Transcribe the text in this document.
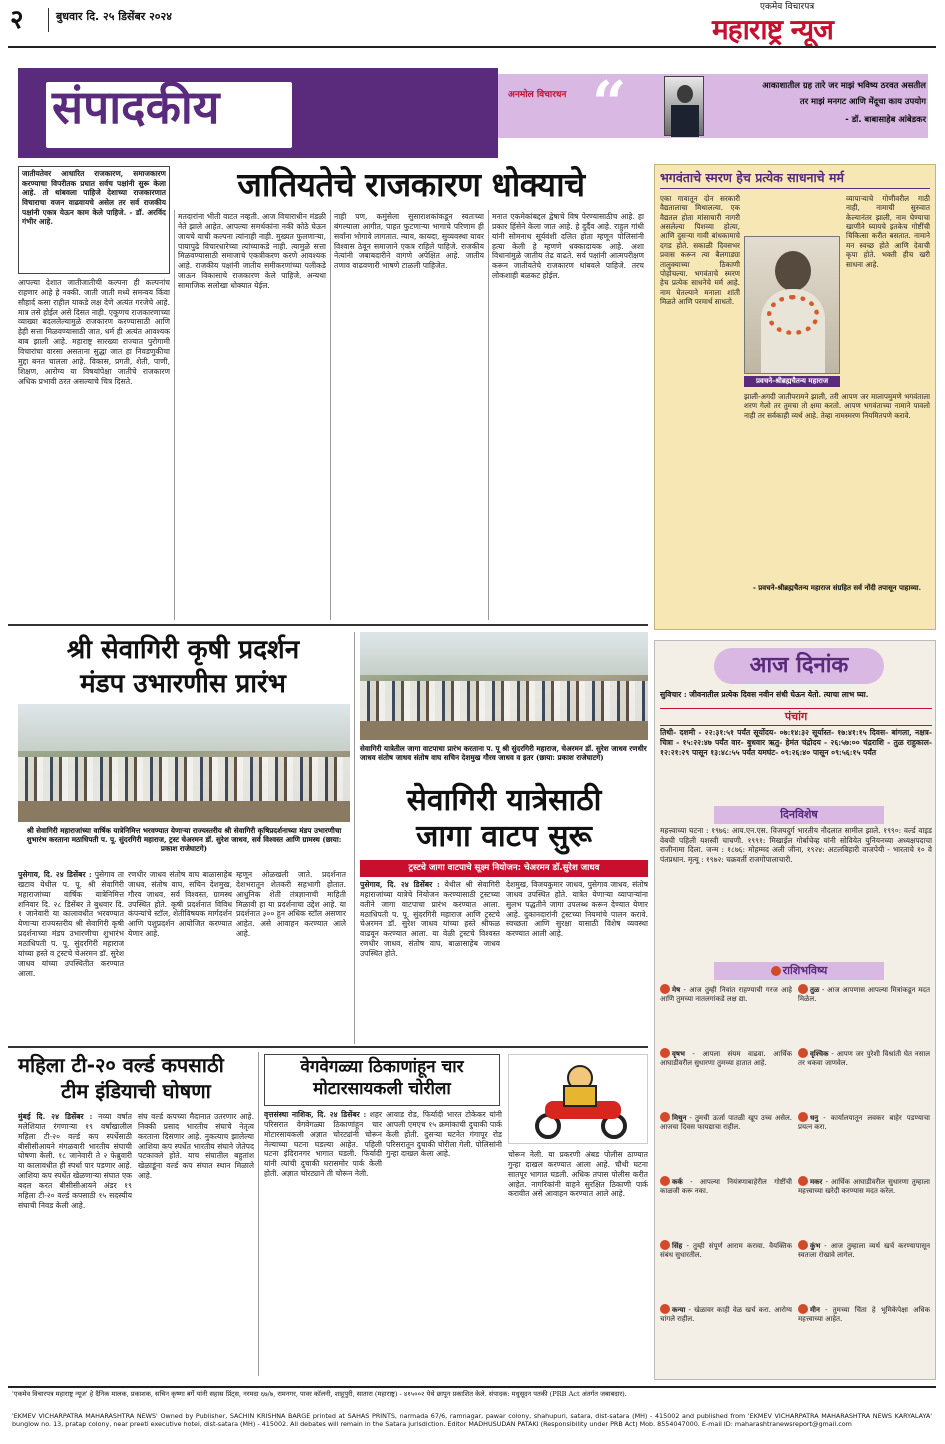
२	बुधवार दि. २५ डिसेंबर २०२४
एकमेव विचारपत्र
महाराष्ट्र न्यूज
संपादकीय	अनमोल विचारधन “	आकाशातील ग्रह तारे जर माझं भविष्य ठरवत असतील
तर माझं मनगट आणि मेंदूचा काय उपयोग
- डॉ. बाबासाहेब आंबेडकर
जातियतेचे राजकारण धोक्याचे
जातीयतेवर आधारित राजकारण, समाजकारण करण्याचा विपरीतक प्रघात सर्वच पक्षांनी सुरू केला आहे. तो थांबवला पाहिजे देशाच्या राजकारणात विचाराचा वजन वाढवायचे असेल तर सर्व राजकीय पक्षांनी एकत्र येऊन काम केले पाहिजे. - डॉ. अरविंद गंभीर आहे.
आपल्या देशात जातीजातीची कल्पना ही कल्पनांच राहणार आहे हे नक्की. जाती जाती मध्ये समन्वय किंवा सौहार्द कसा राहील याकडे लक्ष देणे अत्यंत गरजेचे आहे. मात्र तसे होईल असे दिसत नाही. एकूणच राजकारणाच्या व्याख्या बदललेल्यामुळे राजकारण करण्यासाठी आणि हेही सत्ता मिळवण्यासाठी जात, धर्म ही अत्यंत आवश्यक बाब झाली आहे. महाराष्ट्र सारख्या राज्यात पुरोगामी विचारांचा वारसा असताना सुद्धा जात हा निवडणुकीचा मुद्दा बनत चालला आहे. विकास, प्रगती, शेती, पाणी, शिक्षण, आरोग्य या विषयांपेक्षा जातीचे राजकारण अधिक प्रभावी ठरत असल्याचे चित्र दिसते.
मतदारांना भीती वाटत नव्हती. आज विचाराधीन मंडळी नेते झाले आहेत. आपल्या समर्थकांना नकी कोठे घेऊन जायचे याची कल्पना त्यांनाही नाही. मुख्यत फुलणाऱ्या, पायापुढे विचारधारेच्या त्यांच्याकडे नाही. त्यामुळे सत्ता मिळवण्यासाठी समाजाचे एकत्रीकरण करणे आवश्यक आहे. राजकीय पक्षांनी जातीय समीकरणांच्या पलीकडे जाऊन विकासाचे राजकारण केले पाहिजे. अन्यथा सामाजिक सलोखा धोक्यात येईल.
नाही पण, कमुंसेला सुसाराशकांकडून स्वतःच्या बंगल्याला आगीत, पाहत फुटणाऱ्या भागाचे परिणाम ही सर्वांना भोगावे लागतात. न्याय, कायदा, सुव्यवस्था यावर विश्वास ठेवून समाजाने एकत्र राहिले पाहिजे. राजकीय नेत्यांनी जबाबदारीने वागणे अपेक्षित आहे. जातीय तणाव वाढवणारी भाषणे टाळली पाहिजेत.
मनात एकमेकांबद्दल द्वेषाचे विष पेरण्यासाठीच आहे. हा प्रकार हिंसेने केला जात आहे. हे दुर्दैव आहे. राहुल गांधी यांनी सोमनाथ सूर्यवंशी दलित होता म्हणून पोलिसांनी हत्या केली हे म्हणणे धक्कादायक आहे. अशा विधानांमुळे जातीय तेढ वाढते. सर्व पक्षांनी आत्मपरीक्षण करून जातीयतेचे राजकारण थांबवले पाहिजे. तरच लोकशाही बळकट होईल.
भगवंताचे स्मरण हेच प्रत्येक साधनाचे मर्म
एका गावातून दोन सरकारी वैद्यतालाचा मिथालत्या. एक वैद्यतल होता मांसाचारी नागरी असलेल्या पिशव्या होत्या, आणि दुसऱ्या गावी बांधकामाचे दगड होते. सकाळी दिवसभर प्रवास करून त्या बैलगाड्या तालुक्याच्या ठिकाणी पोहोचल्या. भगवंताचे स्मरण हेच प्रत्येक साधनेचे मर्म आहे. नाम घेतल्याने मनाला शांती मिळते आणि परमार्थ साधतो.
प्रवचने-श्रीब्रह्मचैतन्य महाराज
व्यापाऱ्याचे गोणीवरील गाठी नाही, नामाची सुरुवात केल्यानंतर झाली, नाम घेण्याचा खाणीने घ्यायचे इतकेच गोष्टींची चिकित्सा करीत बसतात. नामाने मन स्वच्छ होते आणि देवाची कृपा होते. भक्ती हीच खरी साधना आहे.
झाली-अगदी जातीपरामने झाली, तरी आपण जर मालापमुमणे भगवंताला शरण गेलो तर तुमचा तो क्षमा करतो. आपण भगवंताच्या नामाने पावलो नाही तर सर्वकाही व्यर्थ आहे. तेव्हा नामस्मरण नियमितपणे करावे.
- प्रवचने-श्रीब्रह्मचैतन्य महाराज संग्रहित सर्व नोंदी तपासून पाहाव्या.
श्री सेवागिरी कृषी प्रदर्शन
मंडप उभारणीस प्रारंभ
श्री सेवागिरी महाराजांच्या वार्षिक यात्रेनिमित्त भरवण्यात येणाऱ्या राज्यस्तरीय श्री सेवागिरी कृषिप्रदर्शनाच्या मंडप उभारणीचा शुभारंभ करताना मठाधिपती प. पू. सुंदरगिरी महाराज, ट्रस्ट चेअरमन डॉ. सुरेश जाधव, सर्व विश्वस्त आणि ग्रामस्थ (छाया: प्रकाश राजेघाटगे)
पुसेगाव, दि. २४ डिसेंबर : पुसेगाव ता खटाव येथील प. पू. श्री सेवागिरी महाराजांच्या वार्षिक यात्रेनिमित्त शनिवार दि. २८ डिसेंबर ते बुधवार दि. १ जानेवारी या कालावधीत भरवण्यात येणाऱ्या राज्यस्तरीय श्री सेवागिरी कृषी प्रदर्शनाच्या मंडप उभारणीचा शुभारंभ मठाधिपती प. पू. सुंदरगिरी महाराज यांच्या हस्ते व ट्रस्टचे चेअरमन डॉ. सुरेश जाधव यांच्या उपस्थितीत करण्यात आला.
रणधीर जाधव संतोष वाघ बाळासाहेब जाधव, संतोष वाघ, सचिन देशमुख, गौरव जाधव, सर्व विश्वस्त, ग्रामस्थ उपस्थित होते. कृषी प्रदर्शनात विविध कंपन्यांचे स्टॉल, शेतीविषयक मार्गदर्शन आणि पशुप्रदर्शन आयोजित करण्यात येणार आहे.
म्हणून ओळखली जाते. प्रदर्शनात देशभरातून शेतकरी सहभागी होतात. आधुनिक शेती तंत्रज्ञानाची माहिती मिळावी हा या प्रदर्शनाचा उद्देश आहे. या प्रदर्शनात ३०० हून अधिक स्टॉल असणार आहेत. असे आवाहन करण्यात आले आहे.
सेवागिरी यात्रेतील जागा वाटपाचा प्रारंभ करताना प. पू श्री सुंदरगिरी महाराज, चेअरमन डॉ. सुरेश जाधव रणधीर जाधव संतोष जाधव संतोष वाघ सचिन देशमुख गौरव जाधव व इतर (छाया: प्रकाश राजेघाटगे)
सेवागिरी यात्रेसाठी
जागा वाटप सुरू
ट्रस्टचे जागा वाटपाचे सूक्ष्म नियोजन: चेअरमन डॉ.सुरेश जाधव
पुसेगाव, दि. २४ डिसेंबर : येथील श्री सेवागिरी महाराजांच्या यात्रेचे नियोजन करण्यासाठी ट्रस्टच्या वतीने जागा वाटपाचा प्रारंभ करण्यात आला. मठाधिपती प. पू. सुंदरगिरी महाराज आणि ट्रस्टचे चेअरमन डॉ. सुरेश जाधव यांच्या हस्ते श्रीफळ वाढवून करण्यात आला. या वेळी ट्रस्टचे विश्वस्त रणधीर जाधव, संतोष वाघ, बाळासाहेब जाधव उपस्थित होते.
देशमुख, विजयकुमार जाधव, पुसेगाव जाधव, संतोष जाधव उपस्थित होते. यात्रेत येणाऱ्या व्यापाऱ्यांना सुलभ पद्धतीने जागा उपलब्ध करून देण्यात येणार आहे. दुकानदारांनी ट्रस्टच्या नियमांचे पालन करावे. स्वच्छता आणि सुरक्षा यासाठी विशेष व्यवस्था करण्यात आली आहे.
आज दिनांक
सुविचार : जीवनातील प्रत्येक दिवस नवीन संधी घेऊन येतो. त्याचा लाभ घ्या.
पंचांग
तिथी- दशमी - २२:३१:५१ पर्यंत सूर्योदय- ०७:१४:३२ सूर्यास्त- १७:४१:१५ दिवस- बांगला, नक्षत्र- चित्रा - १५:२२:४७ पर्यंत वार- बुधवार ऋतु- हेमंत चंद्रोदय - २६:५७:०० चंद्रराशि - तुळ राहुकाल- १२:२१:२९ पासून १३:४८:५५ पर्यंत यमघंट- ०९:२६:४० पासून ०९:५६:१५ पर्यंत
दिनविशेष
महत्त्वाच्या घटना : १९७६: आय.एन.एस. विजयदुर्ग भारतीय नौदलात सामील झाले. १९९०: वर्ल्ड वाइड वेबची पहिली यशस्वी चाचणी. १९९१: मिखाईल गोर्बाचेव्ह यांनी सोवियेत युनियनच्या अध्यक्षपदाचा राजीनामा दिला. जन्म : १८७६: मोहम्मद अली जीना, १९२४: अटलबिहारी वाजपेयी - भारताचे १० वे पंतप्रधान. मृत्यू : १९७२: चक्रवर्ती राजगोपालाचारी.
राशिभविष्य
मेष - आज तुम्ही निवांत राहण्याची गरज आहे आणि तुमच्या नातलगांकडे लक्ष द्या.
वृषभ - आपला संयम वाढवा. आर्थिक आघाडीवरील सुधारणा तुमच्या हातात आहे.
मिथुन - तुमची ऊर्जा पातळी खूप उच्च असेल. आजचा दिवस फायद्याचा राहील.
कर्क - आपल्या नियंत्रणाबाहेरील गोष्टींची काळजी करू नका.
सिंह - तुम्ही संपूर्ण आराम करावा. वैयक्तिक संबंध सुधारतील.
कन्या - खेळावर काही वेळ खर्च करा. आरोग्य चांगले राहील.
तुळ - आज आपणास आपल्या मित्रांकडून मदत मिळेल.
वृश्चिक - आपण जर पुरेशी विश्रांती घेत नसाल तर थकवा जाणवेल.
धनु - कार्यालयातून लवकर बाहेर पडण्याचा प्रयत्न करा.
मकर - आर्थिक आघाडीवरील सुधारणा तुम्हाला महत्त्वाच्या खरेदी करण्यास मदत करेल.
कुंभ - आज तुम्हाला व्यर्थ खर्च करण्यापासून स्वतःला रोखावे लागेल.
मीन - तुमच्या चिंता हे भूमिकेपेक्षा अधिक महत्त्वाच्या आहेत.
महिला टी-२० वर्ल्ड कपसाठी
टीम इंडियाची घोषणा
मुंबई दि. २४ डिसेंबर : नव्या वर्षात मलेशियात रंगणाऱ्या १९ वर्षांखालील महिला टी-२० वर्ल्ड कप स्पर्धेसाठी बीसीसीआयने मंगळवारी भारतीय संघाची घोषणा केली. १८ जानेवारी ते २ फेब्रुवारी या कालावधीत ही स्पर्धा पार पडणार आहे. आशिया कप स्पर्धेत खेळणाऱ्या संघात एक बदल करत बीसीसीआयने अंडर १९ महिला टी-२० वर्ल्ड कपसाठी १५ सदस्यीय संघाची निवड केली आहे.
संघ वर्ल्ड कपच्या मैदानात उतरणार आहे. निक्की प्रसाद भारतीय संघाचे नेतृत्व करताना दिसणार आहे. नुकत्याच झालेल्या आशिया कप स्पर्धेत भारतीय संघाने जेतेपद पटकावले होते. याच संघातील बहुतांश खेळाडूंना वर्ल्ड कप संघात स्थान मिळाले आहे.
वेगवेगळ्या ठिकाणांहून चार
मोटारसायकली चोरीला
वृत्तसंस्था नाशिक, दि. २४ डिसेंबर : शहर परिसरात वेगवेगळ्या ठिकाणांहून चार मोटारसायकली अज्ञात चोरट्यांनी चोरून नेल्याच्या घटना घडल्या आहेत. पहिली घटना इंदिरानगर भागात घडली. फिर्यादी यांनी त्यांची दुचाकी घरासमोर पार्क केली होती. अज्ञात चोरट्याने ती चोरून नेली.
आवाड रोड, फिर्यादी भारत टोकेकर यांनी आपली एमएच १५ क्रमांकाची दुचाकी पार्क केली होती. दुसऱ्या घटनेत गंगापूर रोड परिसरातून दुचाकी चोरीला गेली. पोलिसांनी गुन्हा दाखल केला आहे.	चोरून नेली. या प्रकरणी अंबड पोलीस ठाण्यात गुन्हा दाखल करण्यात आला आहे. चौथी घटना सातपूर भागात घडली. अधिक तपास पोलीस करीत आहेत. नागरिकांनी वाहने सुरक्षित ठिकाणी पार्क करावीत असे आवाहन करण्यात आले आहे.
'एकमेव विचारपत्र महाराष्ट्र न्यूज' हे दैनिक मालक, प्रकाशक, सचिन कृष्णा बर्गे यांनी सहास प्रिंट्स, नरमदा ६७/७, रामनगर, पावर कॉलनी, शाहूपुरी, सातारा (महाराष्ट्र) - ४१५००२ येथे छापून प्रकाशित केले. संपादक: मधुसूदन पतकी (PRB Act अंतर्गत जबाबदार).
'EKMEV VICHARPATRA MAHARASHTRA NEWS' Owned by Publisher, SACHIN KRISHNA BARGE printed at SAHAS PRINTS, narmada 67/6, ramnagar, pawar colony, shahupuri, satara, dist-satara (MH) - 415002 and published from 'EKMEV VICHARPATRA MAHARASHTRA NEWS KARYALAYA' bunglow no. 13, pratap colony, near preeti executive hotel, dist-satara (MH) - 415002. All debates will remain in the Satara jurisdiction. Editor MADHUSUDAN PATAKI (Responsibility under PRB Act) Mob. 8554047000. E-mail ID: maharashtranewsreport@gmail.com
